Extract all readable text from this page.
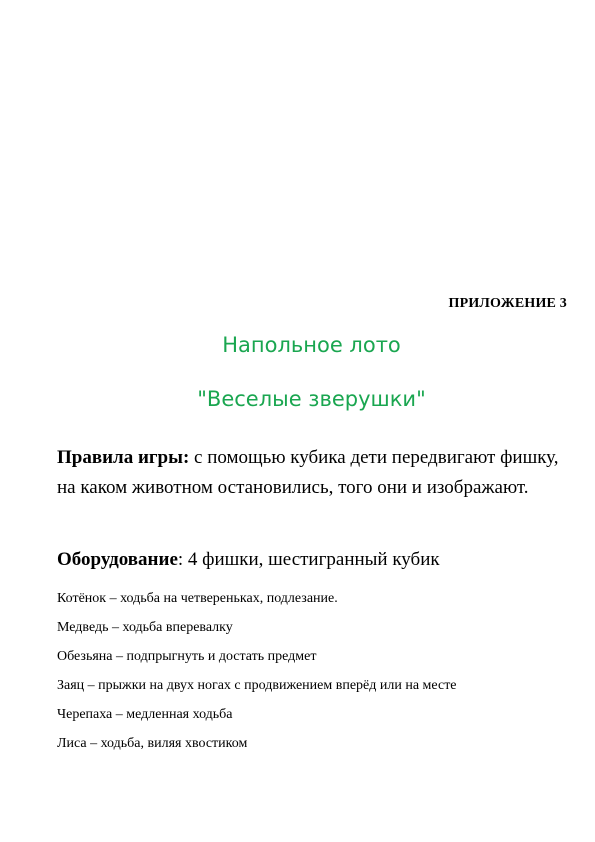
ПРИЛОЖЕНИЕ 3
Напольное лото
"Веселые зверушки"
Правила игры: с помощью кубика дети передвигают фишку, на каком животном остановились, того они и изображают.
Оборудование: 4 фишки, шестигранный кубик
Котёнок – ходьба на четвереньках, подлезание.
Медведь – ходьба вперевалку
Обезьяна – подпрыгнуть и достать предмет
Заяц – прыжки на двух ногах с продвижением вперёд или на месте
Черепаха – медленная ходьба
Лиса – ходьба, виляя хвостиком
